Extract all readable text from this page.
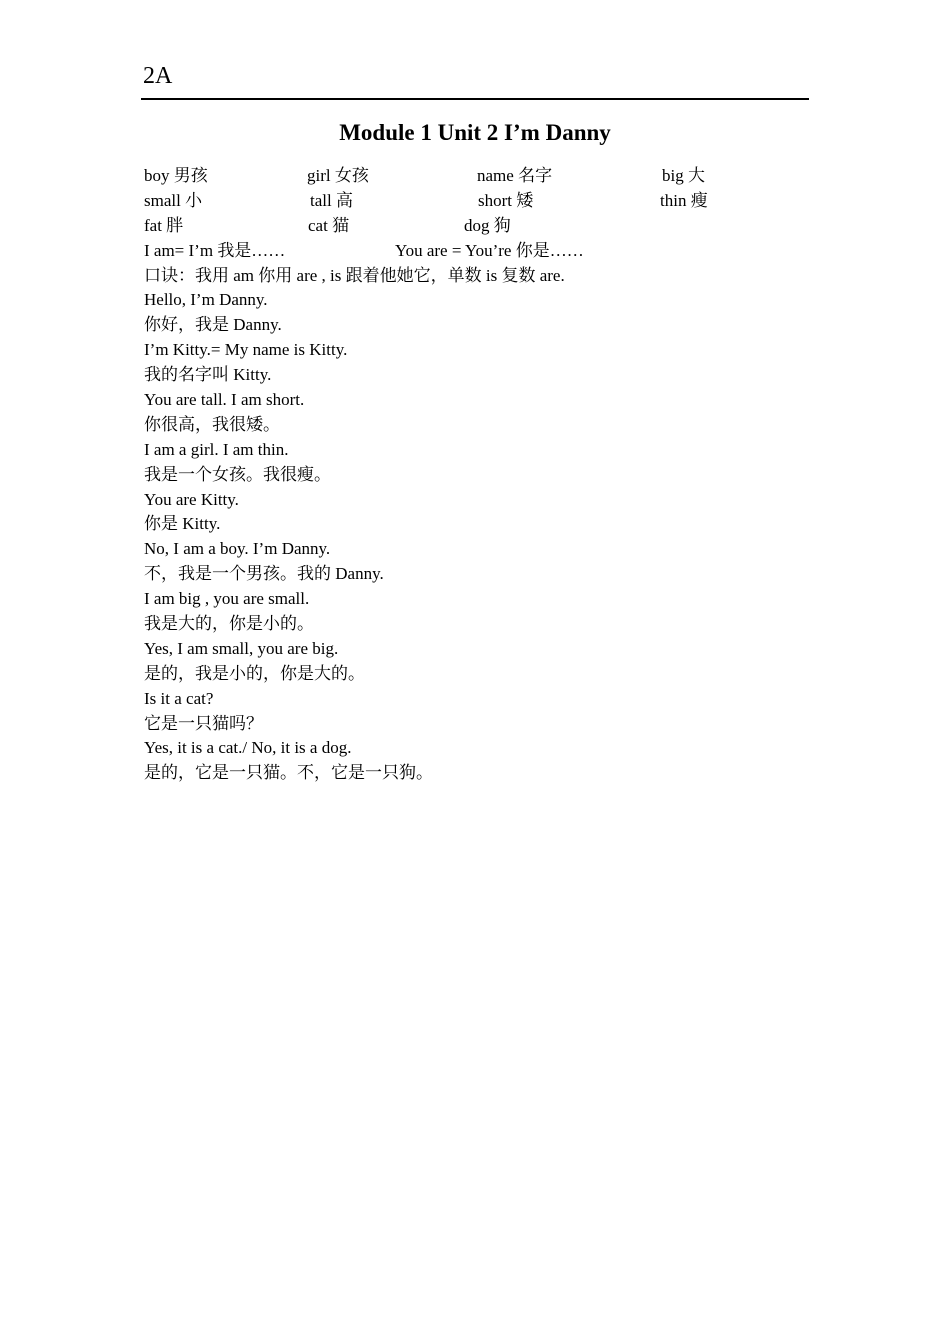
2A
Module 1 Unit 2 I’m Danny
boy 男孩	girl 女孩	name 名字	big 大
small 小	tall 高	short 矮	thin 瘦
fat 胖	cat 猫	dog 狗
I am= I’m 我是……	You are = You’re 你是……
口诀：我用 am 你用 are , is 跟着他她它，单数 is 复数 are.
Hello, I’m Danny.
你好，我是 Danny.
I’m Kitty.= My name is Kitty.
我的名字叫 Kitty.
You are tall. I am short.
你很高，我很矮。
I am a girl. I am thin.
我是一个女孩。我很瘦。
You are Kitty.
你是 Kitty.
No, I am a boy. I’m Danny.
不，我是一个男孩。我的 Danny.
I am big , you are small.
我是大的，你是小的。
Yes, I am small, you are big.
是的，我是小的，你是大的。
Is it a cat?
它是一只猫吗？
Yes, it is a cat./ No, it is a dog.
是的，它是一只猫。不，它是一只狗。
